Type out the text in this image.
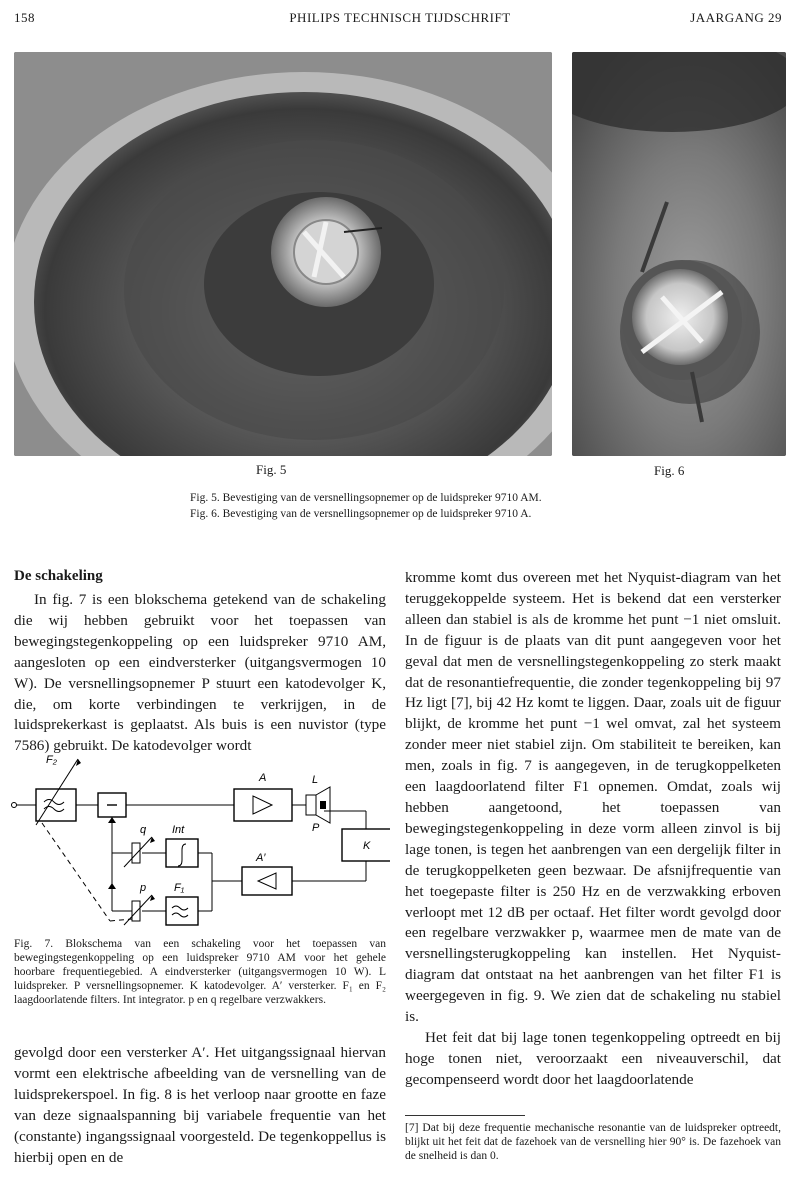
158	PHILIPS TECHNISCH TIJDSCHRIFT	JAARGANG 29
Fig. 5	Fig. 6
Fig. 5. Bevestiging van de versnellingsopnemer op de luidspreker 9710 AM.
Fig. 6. Bevestiging van de versnellingsopnemer op de luidspreker 9710 A.
De schakeling

In fig. 7 is een blokschema getekend van de schakeling die wij hebben gebruikt voor het toepassen van bewegingstegenkoppeling op een luidspreker 9710 AM, aangesloten op een eindversterker (uitgangsvermogen 10 W). De versnellingsopnemer P stuurt een katodevolger K, die, om korte verbindingen te verkrijgen, in de luidsprekerkast is geplaatst. Als buis is een nuvistor (type 7586) gebruikt. De katodevolger wordt

F₂
A	L
P
K
A′
Int
F₁
q
p
Fig. 7. Blokschema van een schakeling voor het toepassen van bewegingstegenkoppeling op een luidspreker 9710 AM voor het gehele hoorbare frequentiegebied. A eindversterker (uitgangsvermogen 10 W). L luidspreker. P versnellingsopnemer. K katodevolger. A′ versterker. F₁ en F₂ laagdoorlatende filters. Int integrator. p en q regelbare verzwakkers.

gevolgd door een versterker A′. Het uitgangssignaal hiervan vormt een elektrische afbeelding van de versnelling van de luidsprekerspoel. In fig. 8 is het verloop naar grootte en faze van deze signaalspanning bij variabele frequentie van het (constante) ingangssignaal voorgesteld. De tegenkoppellus is hierbij open en de

kromme komt dus overeen met het Nyquist-diagram van het teruggekoppelde systeem. Het is bekend dat een versterker alleen dan stabiel is als de kromme het punt −1 niet omsluit. In de figuur is de plaats van dit punt aangegeven voor het geval dat men de versnellingstegenkoppeling zo sterk maakt dat de resonantiefrequentie, die zonder tegenkoppeling bij 97 Hz ligt [7], bij 42 Hz komt te liggen. Daar, zoals uit de figuur blijkt, de kromme het punt −1 wel omvat, zal het systeem zonder meer niet stabiel zijn. Om stabiliteit te bereiken, kan men, zoals in fig. 7 is aangegeven, in de terugkoppelketen een laagdoorlatend filter F1 opnemen. Omdat, zoals wij hebben aangetoond, het toepassen van bewegingstegenkoppeling in deze vorm alleen zinvol is bij lage tonen, is tegen het aanbrengen van een dergelijk filter in de terugkoppelketen geen bezwaar. De afsnijfrequentie van het toegepaste filter is 250 Hz en de verzwakking erboven verloopt met 12 dB per octaaf. Het filter wordt gevolgd door een regelbare verzwakker p, waarmee men de mate van de versnellingsterugkoppeling kan instellen. Het Nyquist-diagram dat ontstaat na het aanbrengen van het filter F1 is weergegeven in fig. 9. We zien dat de schakeling nu stabiel is.

Het feit dat bij lage tonen tegenkoppeling optreedt en bij hoge tonen niet, veroorzaakt een niveauverschil, dat gecompenseerd wordt door het laagdoorlatende

[7] Dat bij deze frequentie mechanische resonantie van de luidspreker optreedt, blijkt uit het feit dat de fazehoek van de versnelling hier 90° is. De fazehoek van de snelheid is dan 0.
